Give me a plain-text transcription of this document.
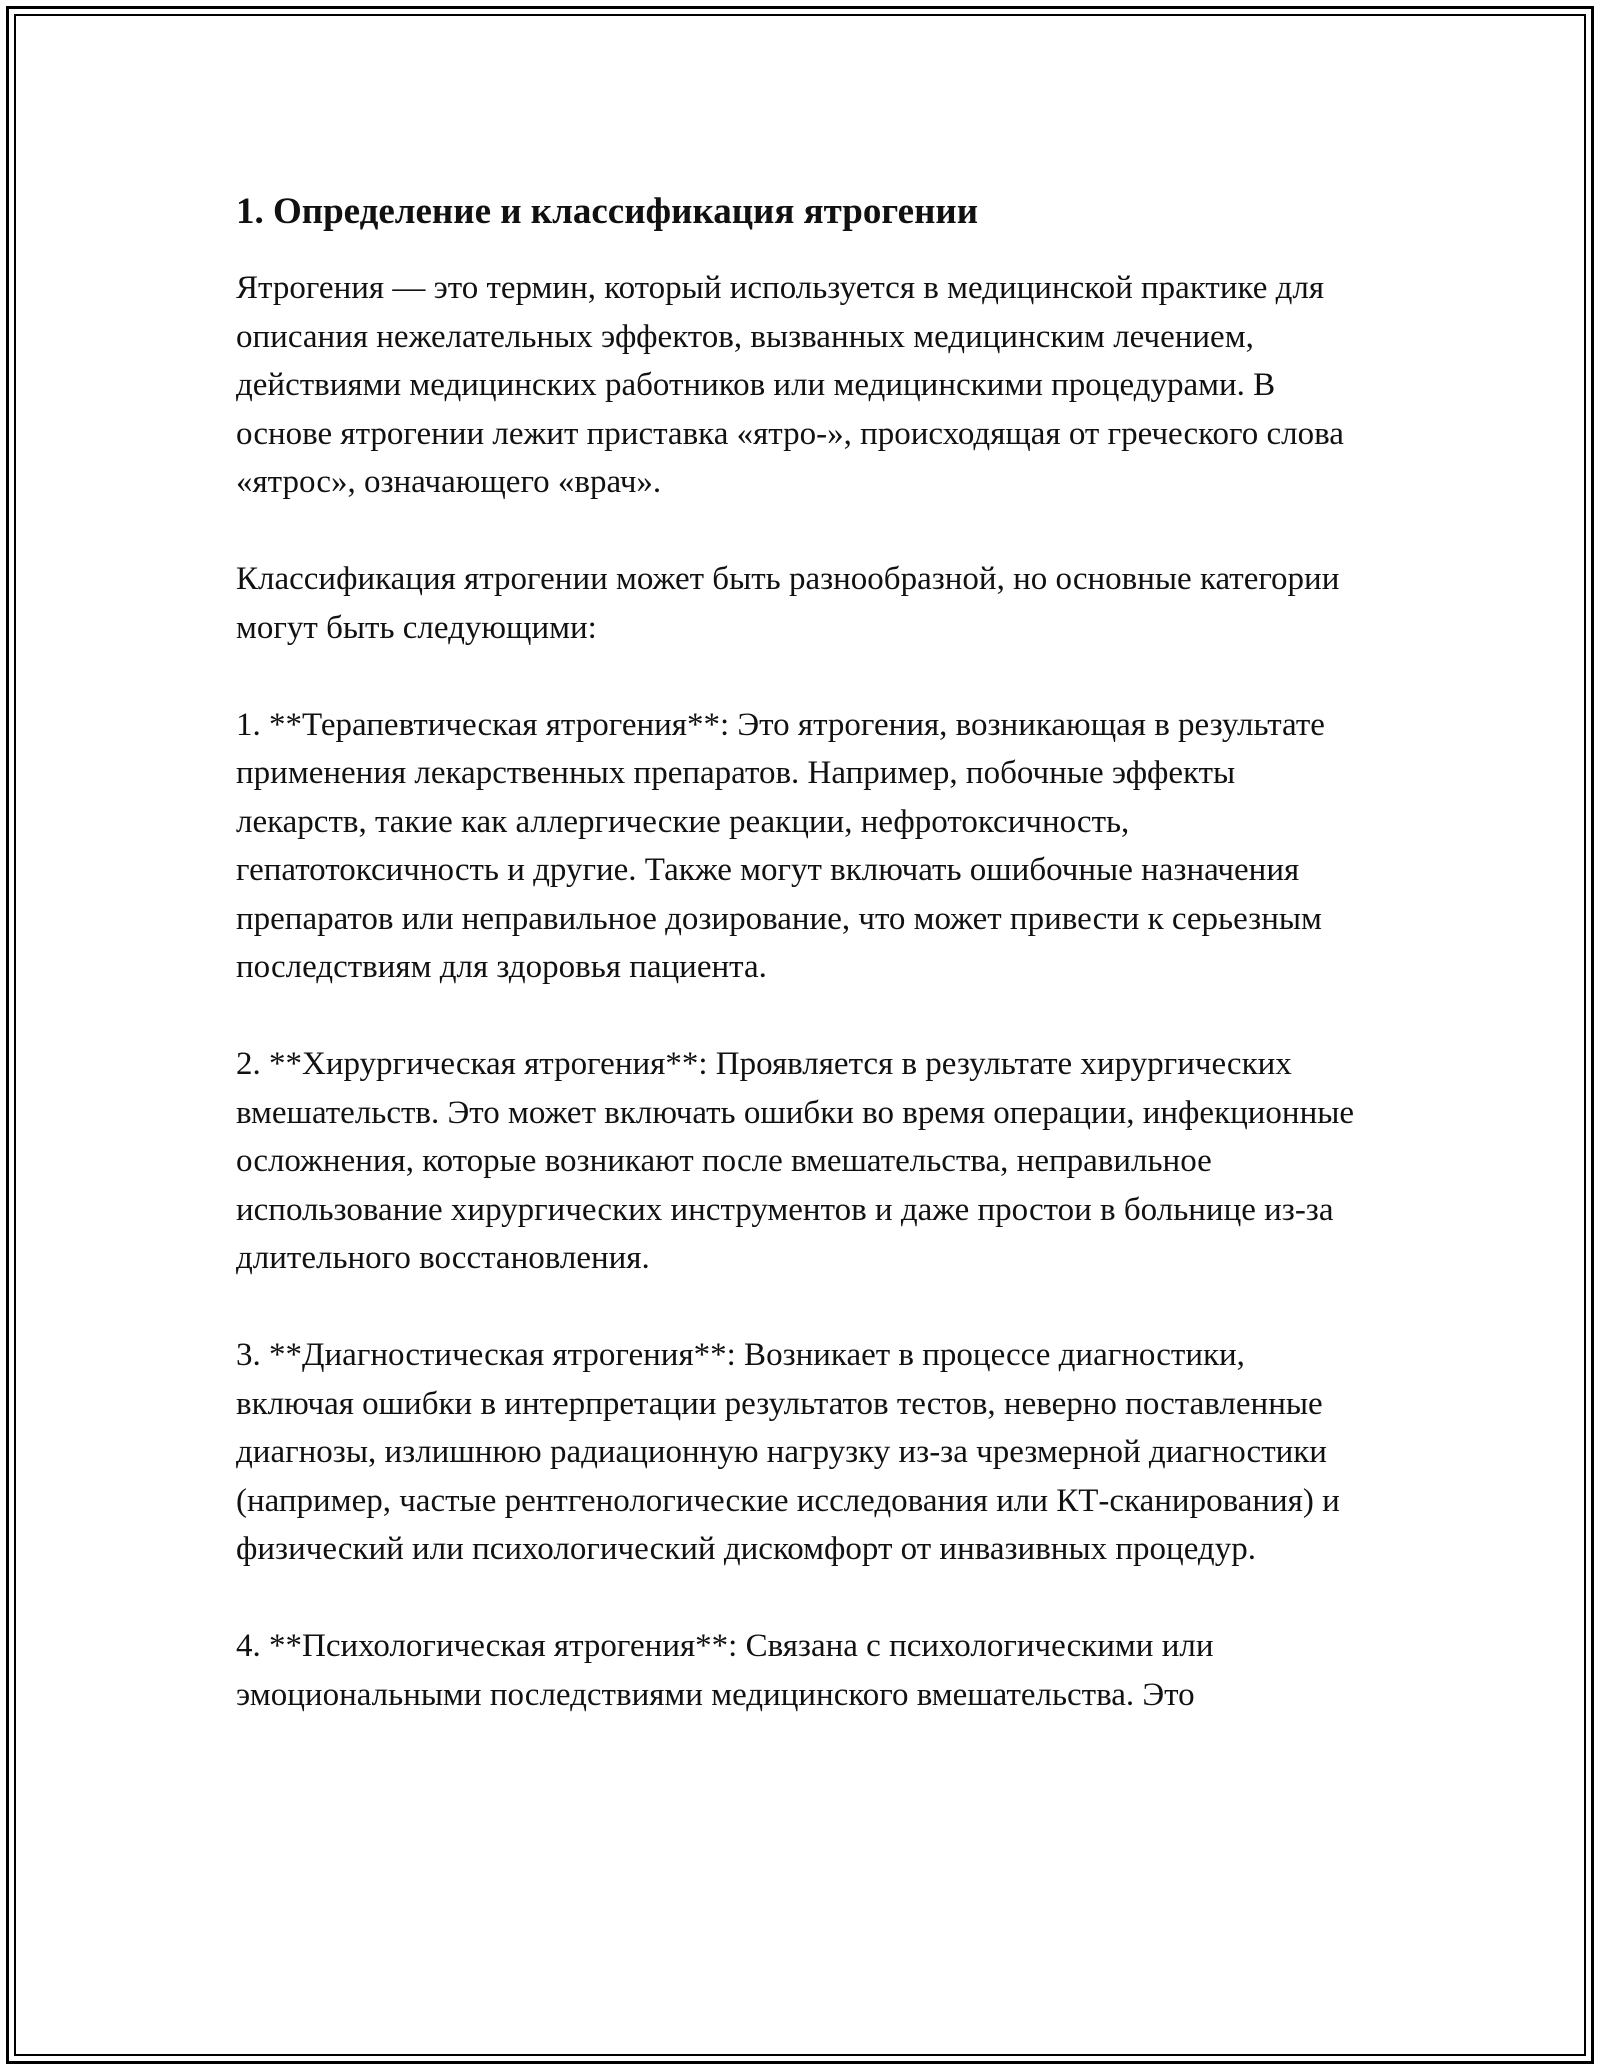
1. Определение и классификация ятрогении

Ятрогения — это термин, который используется в медицинской практике для описания нежелательных эффектов, вызванных медицинским лечением, действиями медицинских работников или медицинскими процедурами. В основе ятрогении лежит приставка «ятро-», происходящая от греческого слова «ятрос», означающего «врач».

Классификация ятрогении может быть разнообразной, но основные категории могут быть следующими:

1. **Терапевтическая ятрогения**: Это ятрогения, возникающая в результате применения лекарственных препаратов. Например, побочные эффекты лекарств, такие как аллергические реакции, нефротоксичность, гепатотоксичность и другие. Также могут включать ошибочные назначения препаратов или неправильное дозирование, что может привести к серьезным последствиям для здоровья пациента.

2. **Хирургическая ятрогения**: Проявляется в результате хирургических вмешательств. Это может включать ошибки во время операции, инфекционные осложнения, которые возникают после вмешательства, неправильное использование хирургических инструментов и даже простои в больнице из-за длительного восстановления.

3. **Диагностическая ятрогения**: Возникает в процессе диагностики, включая ошибки в интерпретации результатов тестов, неверно поставленные диагнозы, излишнюю радиационную нагрузку из-за чрезмерной диагностики (например, частые рентгенологические исследования или КТ-сканирования) и физический или психологический дискомфорт от инвазивных процедур.

4. **Психологическая ятрогения**: Связана с психологическими или эмоциональными последствиями медицинского вмешательства. Это
